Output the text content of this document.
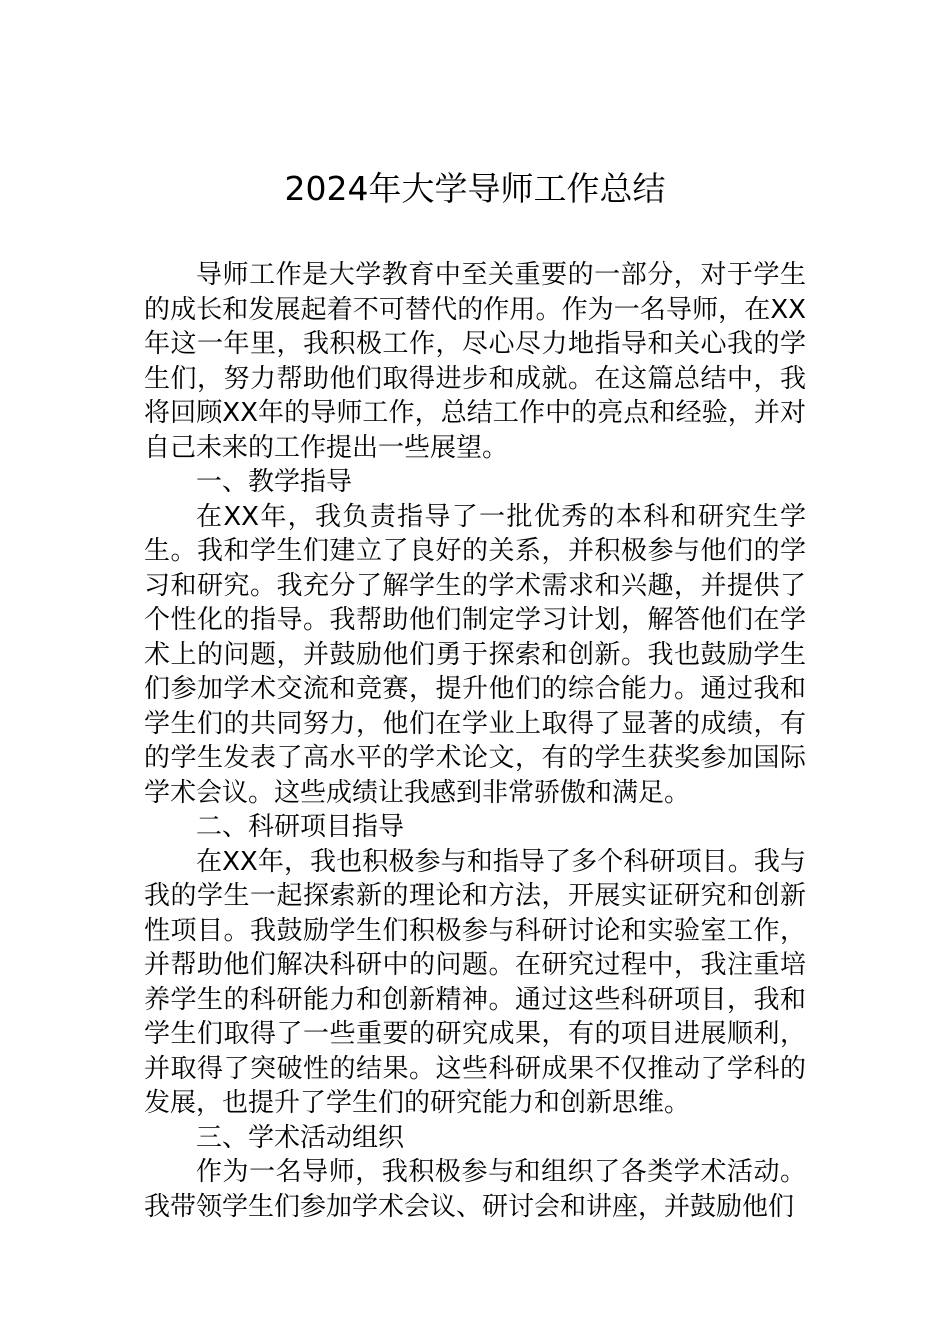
2024年大学导师工作总结

导师工作是大学教育中至关重要的一部分，对于学生的成长和发展起着不可替代的作用。作为一名导师，在XX年这一年里，我积极工作，尽心尽力地指导和关心我的学生们，努力帮助他们取得进步和成就。在这篇总结中，我将回顾XX年的导师工作，总结工作中的亮点和经验，并对自己未来的工作提出一些展望。

一、教学指导

在XX年，我负责指导了一批优秀的本科和研究生学生。我和学生们建立了良好的关系，并积极参与他们的学习和研究。我充分了解学生的学术需求和兴趣，并提供了个性化的指导。我帮助他们制定学习计划，解答他们在学术上的问题，并鼓励他们勇于探索和创新。我也鼓励学生们参加学术交流和竞赛，提升他们的综合能力。通过我和学生们的共同努力，他们在学业上取得了显著的成绩，有的学生发表了高水平的学术论文，有的学生获奖参加国际学术会议。这些成绩让我感到非常骄傲和满足。

二、科研项目指导

在XX年，我也积极参与和指导了多个科研项目。我与我的学生一起探索新的理论和方法，开展实证研究和创新性项目。我鼓励学生们积极参与科研讨论和实验室工作，并帮助他们解决科研中的问题。在研究过程中，我注重培养学生的科研能力和创新精神。通过这些科研项目，我和学生们取得了一些重要的研究成果，有的项目进展顺利，并取得了突破性的结果。这些科研成果不仅推动了学科的发展，也提升了学生们的研究能力和创新思维。

三、学术活动组织

作为一名导师，我积极参与和组织了各类学术活动。我带领学生们参加学术会议、研讨会和讲座，并鼓励他们
